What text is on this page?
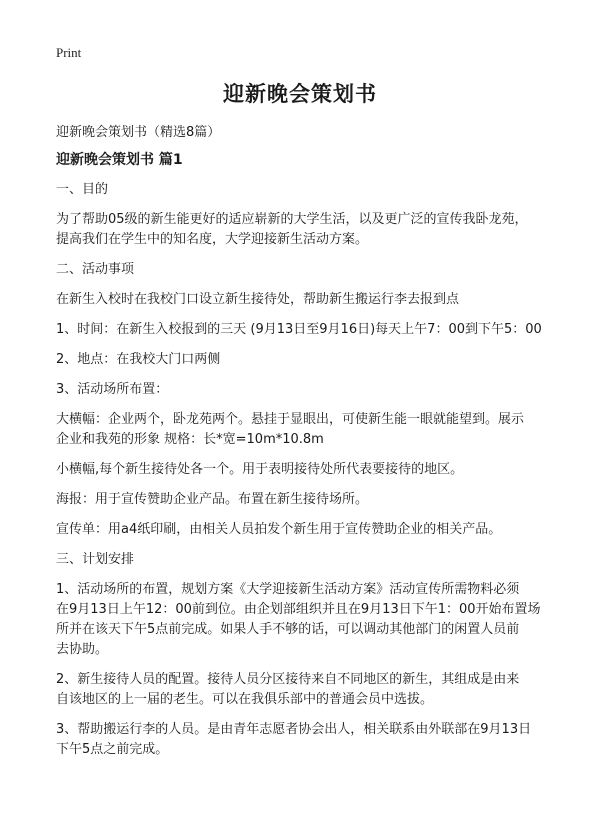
Print
迎新晚会策划书
迎新晚会策划书（精选8篇）
迎新晚会策划书 篇1

一、目的

为了帮助05级的新生能更好的适应崭新的大学生活，以及更广泛的宣传我卧龙苑，
提高我们在学生中的知名度，大学迎接新生活动方案。

二、活动事项

在新生入校时在我校门口设立新生接待处，帮助新生搬运行李去报到点

1、时间：在新生入校报到的三天 (9月13日至9月16日)每天上午7：00到下午5：00

2、地点：在我校大门口两侧

3、活动场所布置：

大横幅：企业两个，卧龙苑两个。悬挂于显眼出，可使新生能一眼就能望到。展示
企业和我苑的形象 规格：长*宽=10m*10.8m

小横幅,每个新生接待处各一个。用于表明接待处所代表要接待的地区。

海报：用于宣传赞助企业产品。布置在新生接待场所。

宣传单：用a4纸印刷，由相关人员拍发个新生用于宣传赞助企业的相关产品。

三、计划安排

1、活动场所的布置，规划方案《大学迎接新生活动方案》活动宣传所需物料必须
在9月13日上午12：00前到位。由企划部组织并且在9月13日下午1：00开始布置场
所并在该天下午5点前完成。如果人手不够的话，可以调动其他部门的闲置人员前
去协助。

2、新生接待人员的配置。接待人员分区接待来自不同地区的新生，其组成是由来
自该地区的上一届的老生。可以在我俱乐部中的普通会员中选拔。

3、帮助搬运行李的人员。是由青年志愿者协会出人，相关联系由外联部在9月13日
下午5点之前完成。
